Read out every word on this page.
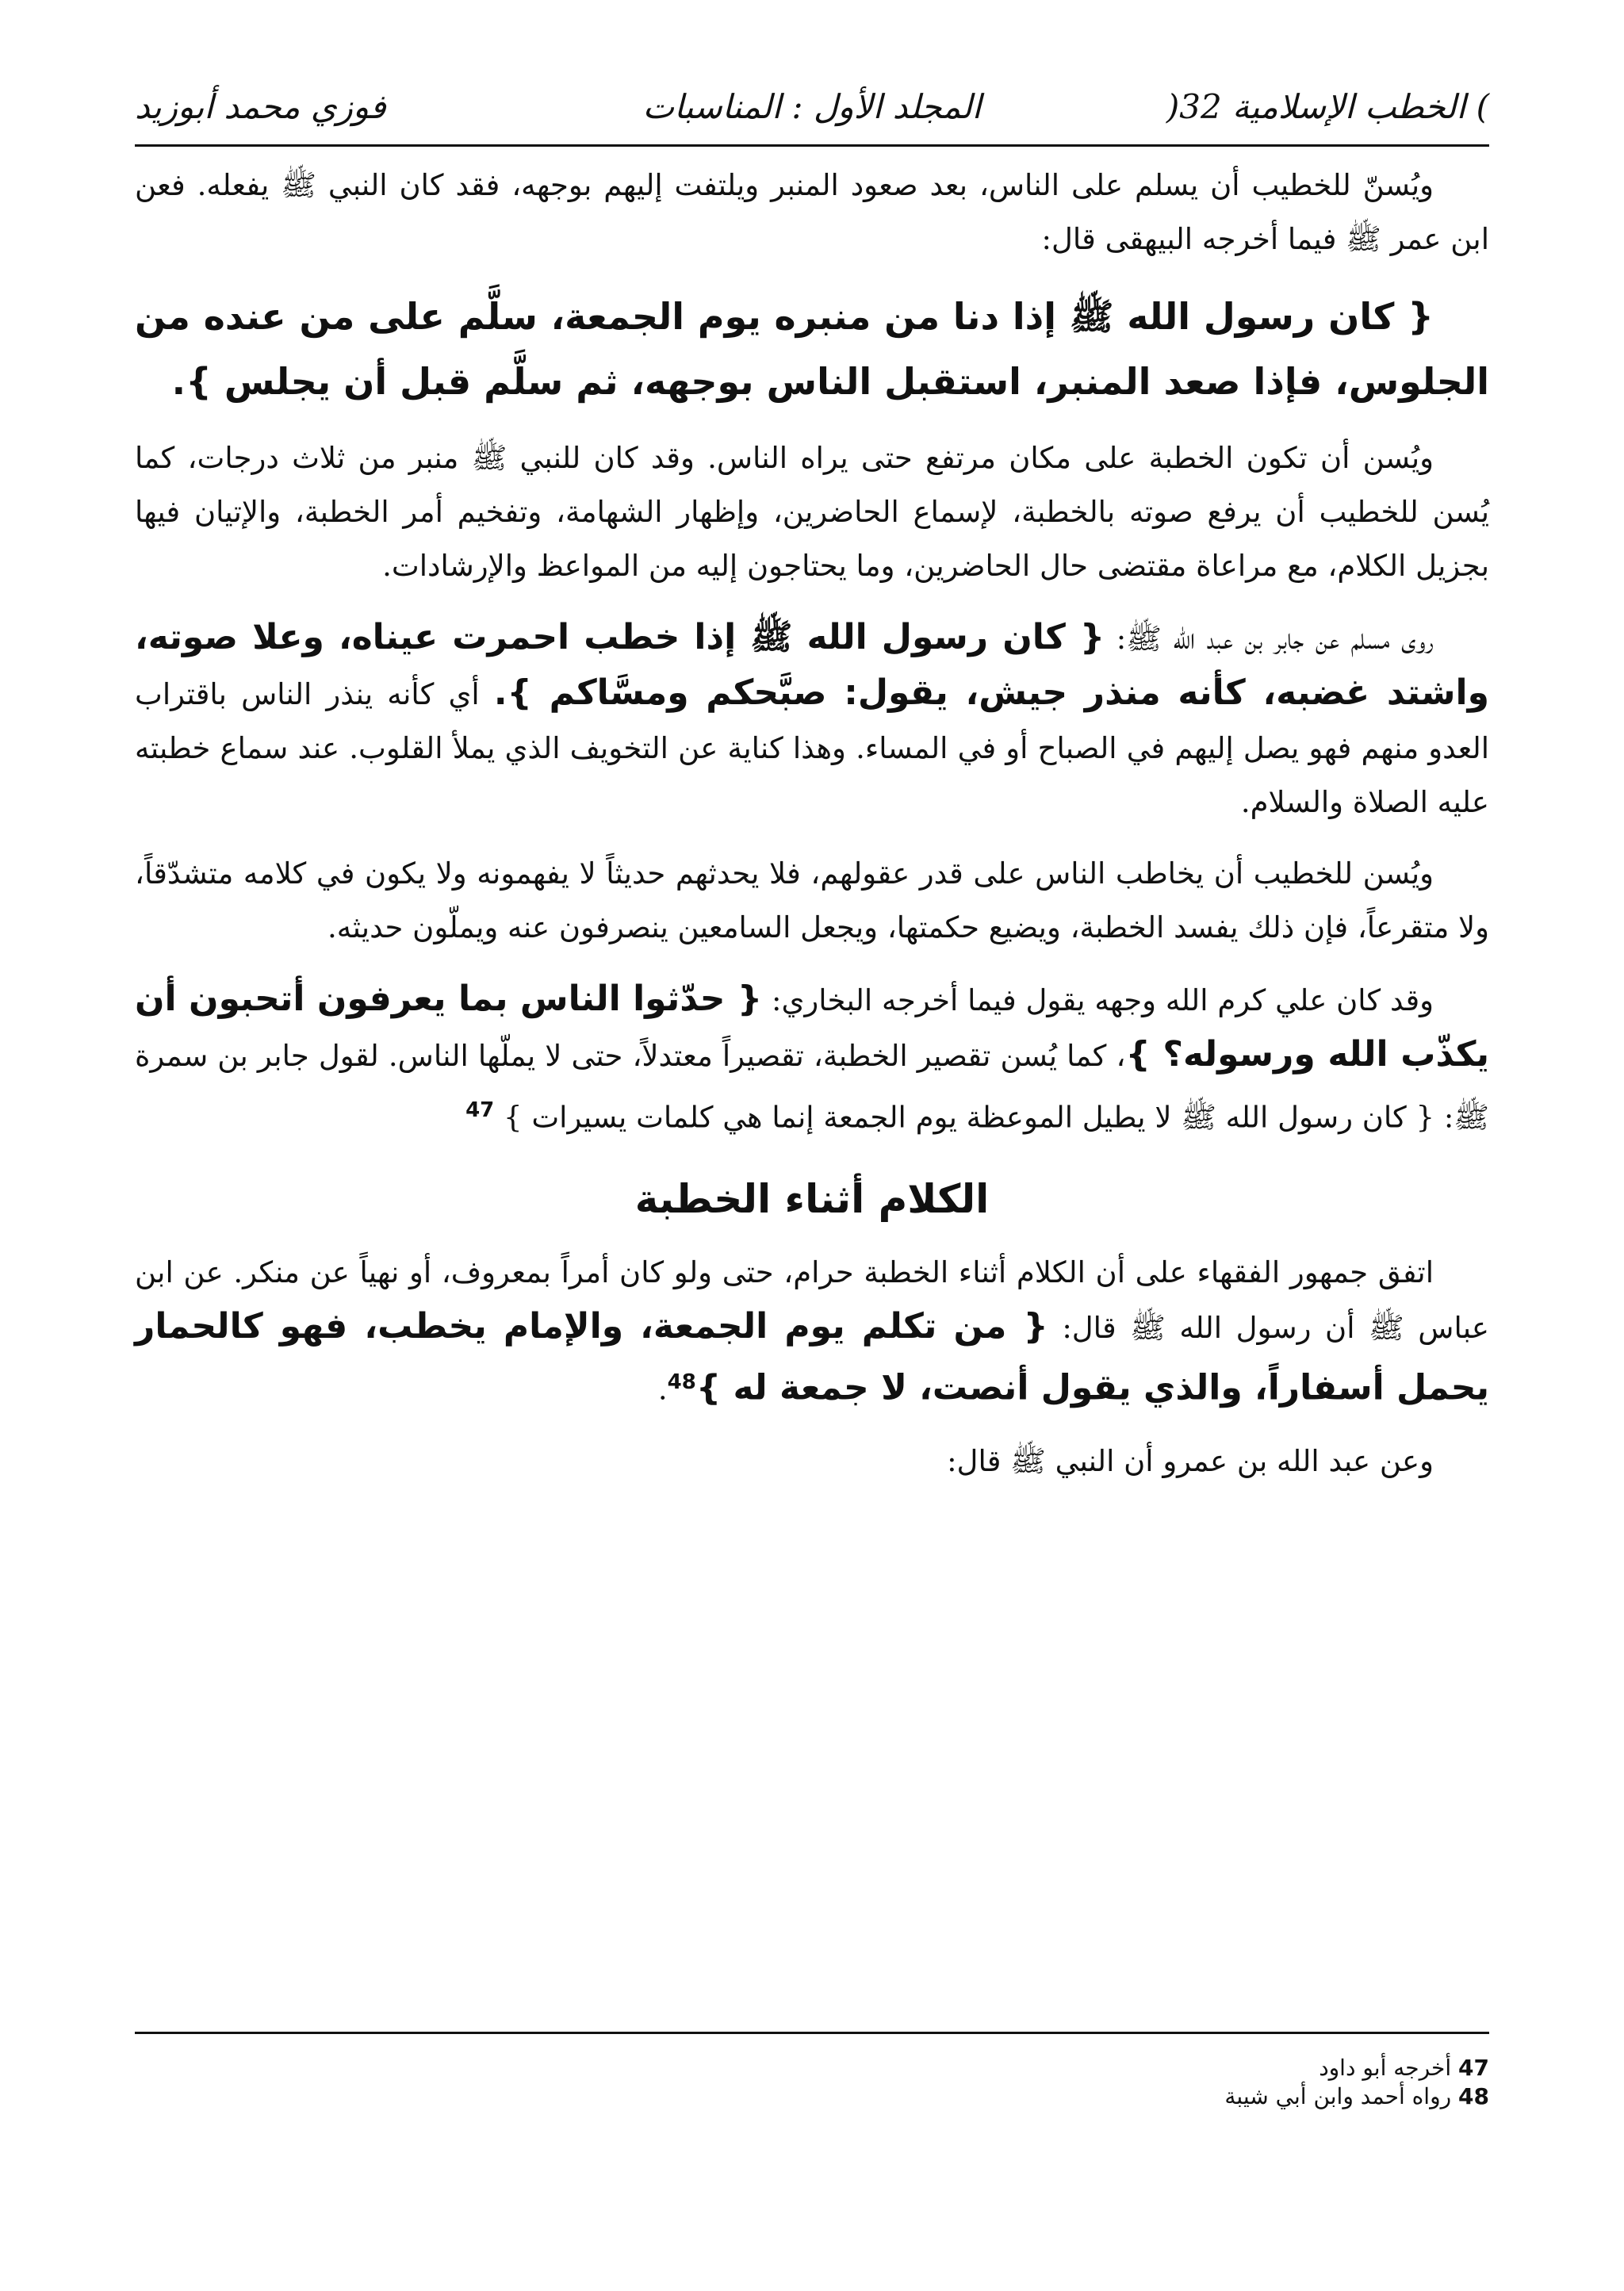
) الخطب الإسلامية 32(
المجلد الأول : المناسبات
فوزي محمد أبوزيد

ويُسنّ للخطيب أن يسلم على الناس، بعد صعود المنبر ويلتفت إليهم بوجهه، فقد كان النبي ﷺ يفعله. فعن ابن عمر ﷺ فيما أخرجه البيهقى قال:

{ كان رسول الله ﷺ إذا دنا من منبره يوم الجمعة، سلَّم على من عنده من الجلوس، فإذا صعد المنبر، استقبل الناس بوجهه، ثم سلَّم قبل أن يجلس }.

ويُسن أن تكون الخطبة على مكان مرتفع حتى يراه الناس. وقد كان للنبي ﷺ منبر من ثلاث درجات، كما يُسن للخطيب أن يرفع صوته بالخطبة، لإسماع الحاضرين، وإظهار الشهامة، وتفخيم أمر الخطبة، والإتيان فيها بجزيل الكلام، مع مراعاة مقتضى حال الحاضرين، وما يحتاجون إليه من المواعظ والإرشادات.

روى مسلم عن جابر بن عبد الله ﷺ: { كان رسول الله ﷺ إذا خطب احمرت عيناه، وعلا صوته، واشتد غضبه، كأنه منذر جيش، يقول: صبَّحكم ومسَّاكم }. أي كأنه ينذر الناس باقتراب العدو منهم فهو يصل إليهم في الصباح أو في المساء. وهذا كناية عن التخويف الذي يملأ القلوب. عند سماع خطبته عليه الصلاة والسلام.

ويُسن للخطيب أن يخاطب الناس على قدر عقولهم، فلا يحدثهم حديثاً لا يفهمونه ولا يكون في كلامه متشدّقاً، ولا متقرعاً، فإن ذلك يفسد الخطبة، ويضيع حكمتها، ويجعل السامعين ينصرفون عنه ويملّون حديثه.

وقد كان علي كرم الله وجهه يقول فيما أخرجه البخاري: { حدّثوا الناس بما يعرفون أتحبون أن يكذّب الله ورسوله؟ }، كما يُسن تقصير الخطبة، تقصيراً معتدلاً، حتى لا يملّها الناس. لقول جابر بن سمرة ﷺ: { كان رسول الله ﷺ لا يطيل الموعظة يوم الجمعة إنما هي كلمات يسيرات } $^{47}$

الكلام أثناء الخطبة

اتفق جمهور الفقهاء على أن الكلام أثناء الخطبة حرام، حتى ولو كان أمراً بمعروف، أو نهياً عن منكر. عن ابن عباس ﷺ أن رسول الله ﷺ قال: { من تكلم يوم الجمعة، والإمام يخطب، فهو كالحمار يحمل أسفاراً، والذي يقول أنصت، لا جمعة له }$^{48}$.

وعن عبد الله بن عمرو أن النبي ﷺ قال:

47 أخرجه أبو داود
48 رواه أحمد وابن أبي شيبة
